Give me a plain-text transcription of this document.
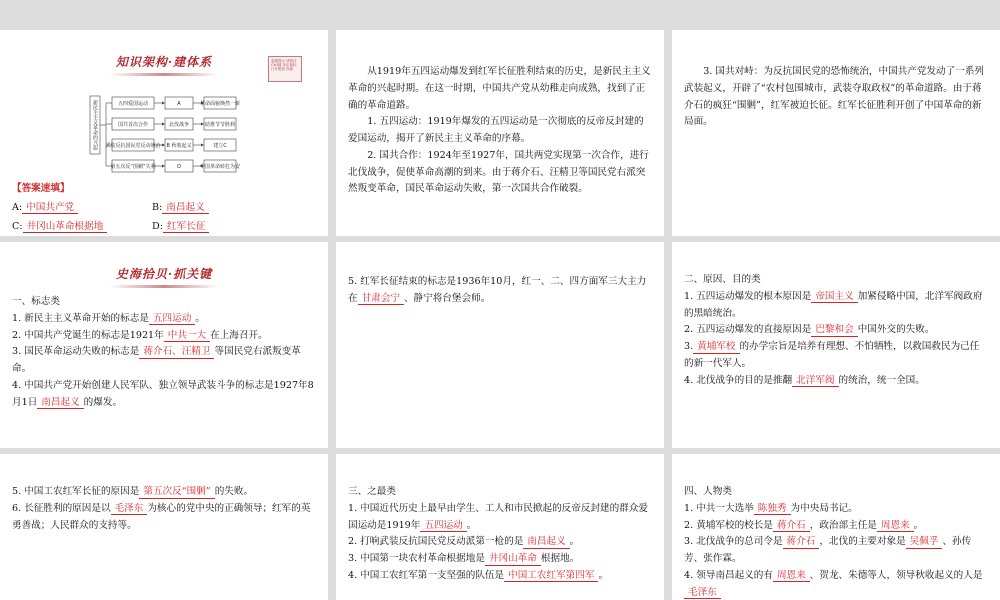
知识架构·建体系	温馨提示 请按住Ctrl键 单击鼠标 打开配套 视频
新民主主义革命的兴起	五四爱国运动	A	革命面貌焕然一新
国共首次合作	北伐战争	助推节节胜利
武装反抗国民党反动统治 B 秋收起义	建立C
第五次反“围剿”失利	D	中国革命转危为安

【答案速填】

A: 中国共产党	B: 南昌起义
C: 井冈山革命根据地	D: 红军长征

从1919年五四运动爆发到红军长征胜利结束的历史，是新民主主义革命的兴起时期。在这一时期，中国共产党从幼稚走向成熟，找到了正确的革命道路。

1. 五四运动：1919年爆发的五四运动是一次彻底的反帝反封建的爱国运动，揭开了新民主主义革命的序幕。

2. 国共合作：1924年至1927年，国共两党实现第一次合作，进行北伐战争，促使革命高潮的到来。由于蒋介石、汪精卫等国民党右派突然叛变革命，国民革命运动失败，第一次国共合作破裂。

3. 国共对峙：为反抗国民党的恐怖统治，中国共产党发动了一系列武装起义，开辟了“农村包围城市，武装夺取政权”的革命道路。由于蒋介石的疯狂“围剿”，红军被迫长征。红军长征胜利开创了中国革命的新局面。

史海拾贝·抓关键

一、标志类

1. 新民主主义革命开始的标志是 五四运动 。

2. 中国共产党诞生的标志是1921年 中共一大 在上海召开。

3. 国民革命运动失败的标志是 蒋介石、汪精卫 等国民党右派叛变革命。

4. 中国共产党开始创建人民军队、独立领导武装斗争的标志是1927年8月1日 南昌起义 的爆发。

5. 红军长征结束的标志是1936年10月，红一、二、四方面军三大主力在 甘肃会宁 、静宁将台堡会师。

二、原因、目的类

1. 五四运动爆发的根本原因是 帝国主义 加紧侵略中国，北洋军阀政府的黑暗统治。

2. 五四运动爆发的直接原因是 巴黎和会 中国外交的失败。

3. 黄埔军校 的办学宗旨是培养有理想、不怕牺牲，以救国救民为己任的新一代军人。

4. 北伐战争的目的是推翻 北洋军阀 的统治，统一全国。

5. 中国工农红军长征的原因是 第五次反“围剿” 的失败。

6. 长征胜利的原因是以 毛泽东 为核心的党中央的正确领导；红军的英勇善战；人民群众的支持等。

三、之最类

1. 中国近代历史上最早由学生、工人和市民掀起的反帝反封建的群众爱国运动是1919年 五四运动 。

2. 打响武装反抗国民党反动派第一枪的是 南昌起义 。

3. 中国第一块农村革命根据地是 井冈山革命 根据地。

4. 中国工农红军第一支坚强的队伍是 中国工农红军第四军 。

四、人物类

1. 中共一大选举 陈独秀 为中央局书记。

2. 黄埔军校的校长是 蒋介石 ，政治部主任是 周恩来 。

3. 北伐战争的总司令是 蒋介石 ，北伐的主要对象是 吴佩孚 、孙传芳、张作霖。

4. 领导南昌起义的有 周恩来 、贺龙、朱德等人，领导秋收起义的人是毛泽东
